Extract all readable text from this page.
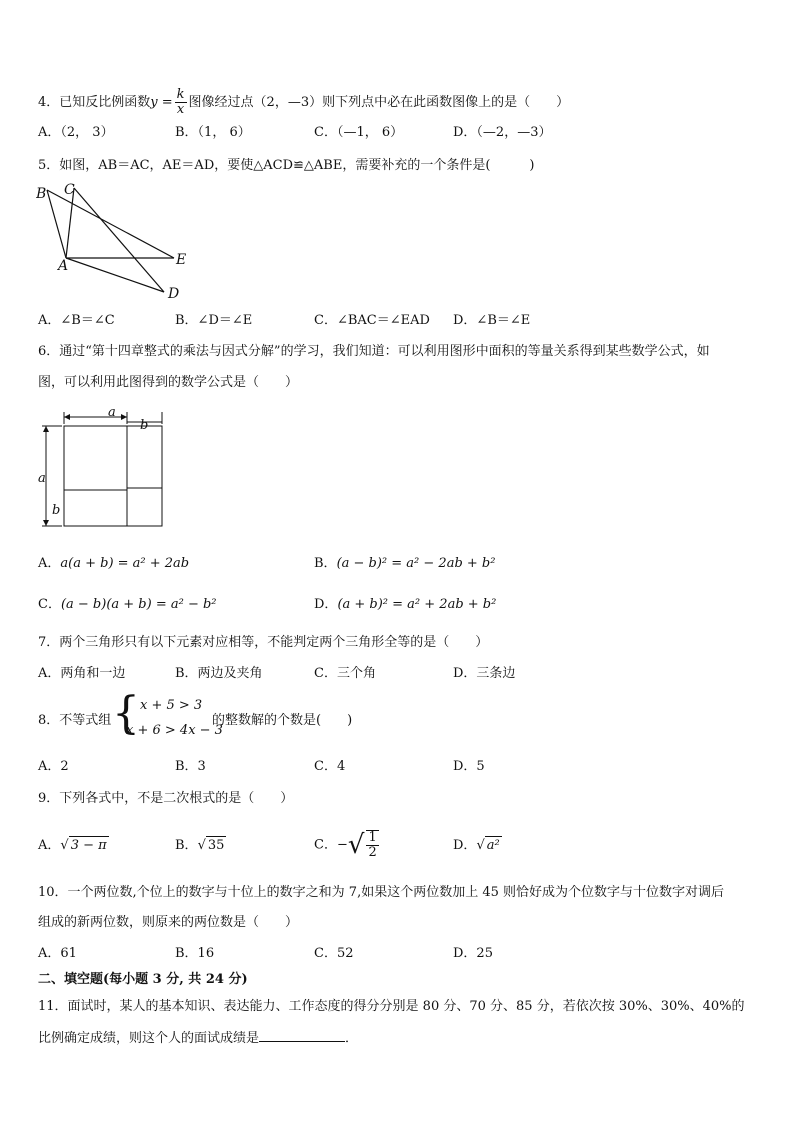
4．已知反比例函数$y = \frac{k}{x}$ 图像经过点（2，—3）则下列点中必在此函数图像上的是（　　）
A．（2， 3）	B．（1， 6）	C．（—1， 6）	D．（—2，—3）
5．如图，AB＝AC，AE＝AD，要使△ACD≌△ABE，需要补充的一个条件是(　　　)
B C
A	E
D
A．∠B＝∠C	B．∠D＝∠E	C．∠BAC＝∠EAD D．∠B＝∠E
6．通过“第十四章整式的乘法与因式分解”的学习，我们知道：可以利用图形中面积的等量关系得到某些数学公式，如
图，可以利用此图得到的数学公式是（　　）
a
b
a
b
A．a(a + b) = a² + 2ab	B．(a − b)² = a² − 2ab + b²
C．(a − b)(a + b) = a² − b²	D．(a + b)² = a² + 2ab + b²
7．两个三角形只有以下元素对应相等，不能判定两个三角形全等的是（　　）
A．两角和一边	B．两边及夹角	C．三个角	D．三条边
8．不等式组 { x + 5 > 3
x + 6 > 4x − 3
的整数解的个数是(　　)
A．2	B．3	C．4	D．5
9．下列各式中，不是二次根式的是（　　）
A．√ 3 − π	B．√ 35	C．−√ $\frac{1}{2}$	D．√ a²
10．一个两位数,个位上的数字与十位上的数字之和为 7,如果这个两位数加上 45 则恰好成为个位数字与十位数字对调后
组成的新两位数，则原来的两位数是（　　）
A．61	B．16	C．52	D．25
二、填空题(每小题 3 分, 共 24 分)
11．面试时，某人的基本知识、表达能力、工作态度的得分分别是 80 分、70 分、85 分，若依次按 30%、30%、40%的
比例确定成绩，则这个人的面试成绩是	．
